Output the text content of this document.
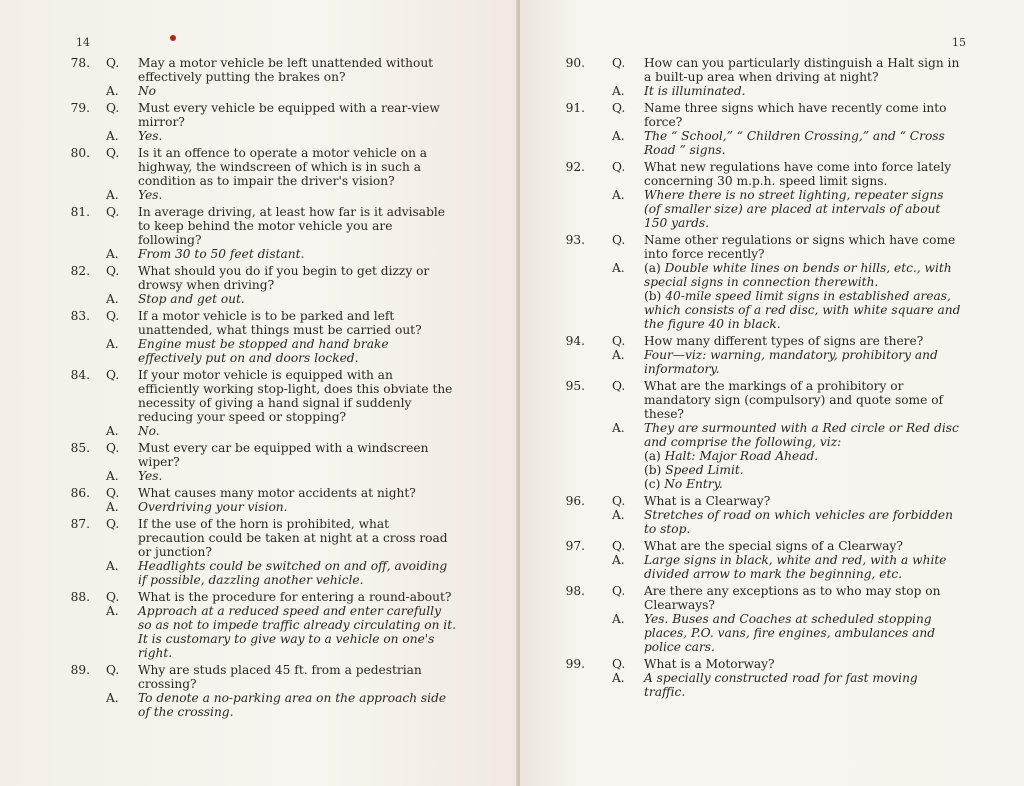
14
78. Q. May a motor vehicle be left unattended without effectively putting the brakes on?
A. No
79. Q. Must every vehicle be equipped with a rear-view mirror?
A. Yes.
80. Q. Is it an offence to operate a motor vehicle on a highway, the windscreen of which is in such a condition as to impair the driver's vision?
A. Yes.
81. Q. In average driving, at least how far is it advisable to keep behind the motor vehicle you are following?
A. From 30 to 50 feet distant.
82. Q. What should you do if you begin to get dizzy or drowsy when driving?
A. Stop and get out.
83. Q. If a motor vehicle is to be parked and left unattended, what things must be carried out?
A. Engine must be stopped and hand brake effectively put on and doors locked.
84. Q. If your motor vehicle is equipped with an efficiently working stop-light, does this obviate the necessity of giving a hand signal if suddenly reducing your speed or stopping?
A. No.
85. Q. Must every car be equipped with a windscreen wiper?
A. Yes.
86. Q. What causes many motor accidents at night?
A. Overdriving your vision.
87. Q. If the use of the horn is prohibited, what precaution could be taken at night at a cross road or junction?
A. Headlights could be switched on and off, avoiding if possible, dazzling another vehicle.
88. Q. What is the procedure for entering a round-about?
A. Approach at a reduced speed and enter carefully so as not to impede traffic already circulating on it. It is customary to give way to a vehicle on one's right.
89. Q. Why are studs placed 45 ft. from a pedestrian crossing?
A. To denote a no-parking area on the approach side of the crossing.
15
90. Q. How can you particularly distinguish a Halt sign in a built-up area when driving at night?
A. It is illuminated.
91. Q. Name three signs which have recently come into force?
A. The “ School,” “ Children Crossing,” and “ Cross Road ” signs.
92. Q. What new regulations have come into force lately concerning 30 m.p.h. speed limit signs.
A. Where there is no street lighting, repeater signs (of smaller size) are placed at intervals of about 150 yards.
93. Q. Name other regulations or signs which have come into force recently?
A. (a) Double white lines on bends or hills, etc., with special signs in connection therewith.
(b) 40-mile speed limit signs in established areas, which consists of a red disc, with white square and the figure 40 in black.
94. Q. How many different types of signs are there?
A. Four—viz: warning, mandatory, prohibitory and informatory.
95. Q. What are the markings of a prohibitory or mandatory sign (compulsory) and quote some of these?
A. They are surmounted with a Red circle or Red disc and comprise the following, viz:
(a) Halt: Major Road Ahead.
(b) Speed Limit.
(c) No Entry.
96. Q. What is a Clearway?
A. Stretches of road on which vehicles are forbidden to stop.
97. Q. What are the special signs of a Clearway?
A. Large signs in black, white and red, with a white divided arrow to mark the beginning, etc.
98. Q. Are there any exceptions as to who may stop on Clearways?
A. Yes. Buses and Coaches at scheduled stopping places, P.O. vans, fire engines, ambulances and police cars.
99. Q. What is a Motorway?
A. A specially constructed road for fast moving traffic.
